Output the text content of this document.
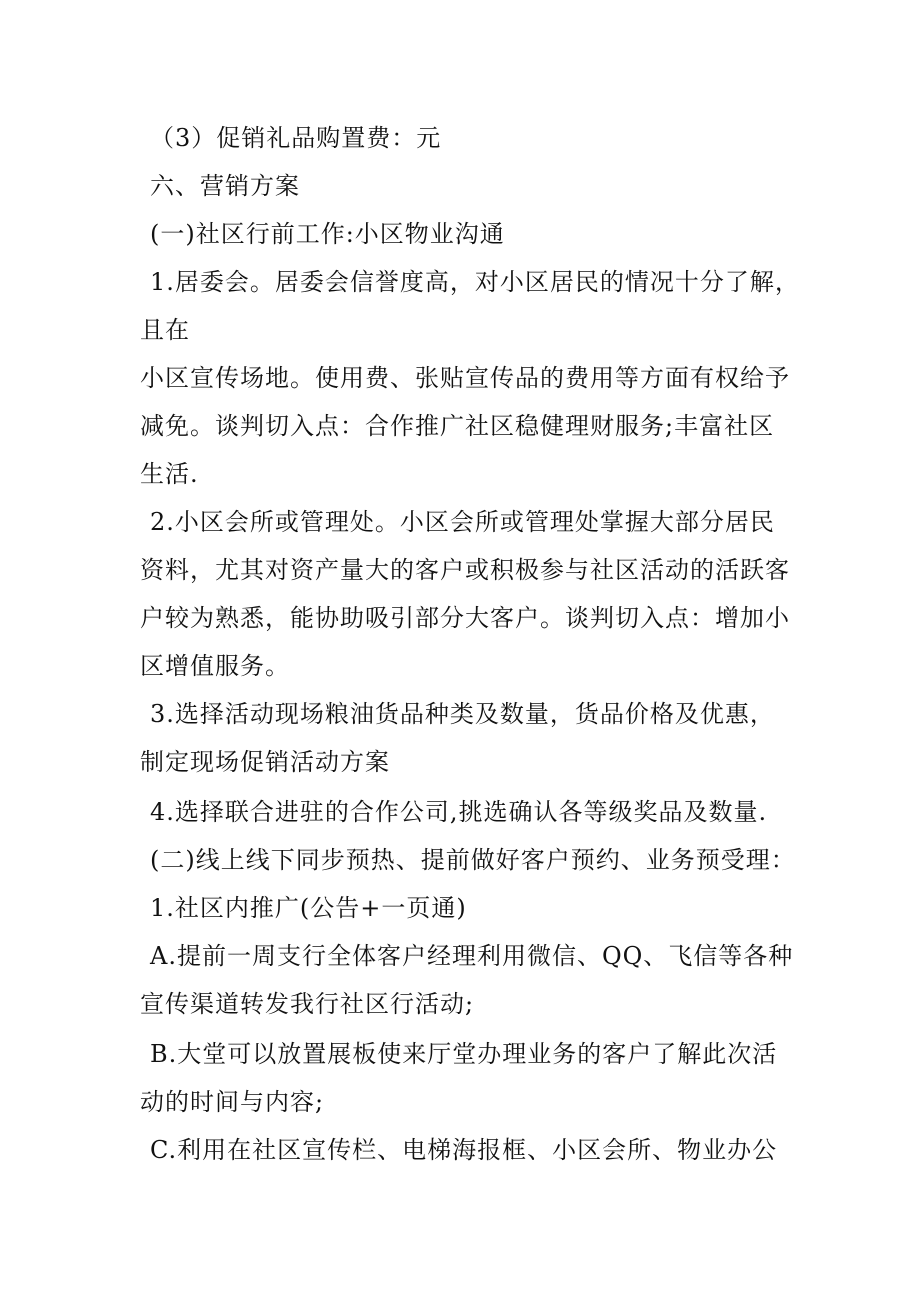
（3）促销礼品购置费：元
六、营销方案
(一)社区行前工作:小区物业沟通
1.居委会。居委会信誉度高，对小区居民的情况十分了解，
且在
小区宣传场地。使用费、张贴宣传品的费用等方面有权给予
减免。谈判切入点：合作推广社区稳健理财服务;丰富社区
生活.
2.小区会所或管理处。小区会所或管理处掌握大部分居民
资料，尤其对资产量大的客户或积极参与社区活动的活跃客
户较为熟悉，能协助吸引部分大客户。谈判切入点：增加小
区增值服务。
3.选择活动现场粮油货品种类及数量，货品价格及优惠，
制定现场促销活动方案
4.选择联合进驻的合作公司,挑选确认各等级奖品及数量.
(二)线上线下同步预热、提前做好客户预约、业务预受理：
1.社区内推广(公告+一页通)
A.提前一周支行全体客户经理利用微信、QQ、飞信等各种
宣传渠道转发我行社区行活动;
B.大堂可以放置展板使来厅堂办理业务的客户了解此次活
动的时间与内容;
C.利用在社区宣传栏、电梯海报框、小区会所、物业办公
